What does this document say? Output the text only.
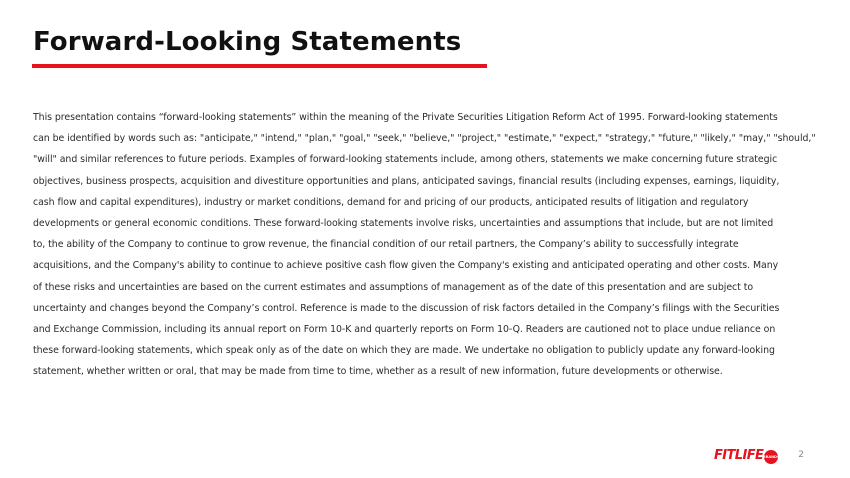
Forward-Looking Statements
This presentation contains “forward-looking statements” within the meaning of the Private Securities Litigation Reform Act of 1995. Forward-looking statements
can be identified by words such as: "anticipate," "intend," "plan," "goal," "seek," "believe," "project," "estimate," "expect," "strategy," "future," "likely," "may," "should,"
"will" and similar references to future periods. Examples of forward-looking statements include, among others, statements we make concerning future strategic
objectives, business prospects, acquisition and divestiture opportunities and plans, anticipated savings, financial results (including expenses, earnings, liquidity,
cash flow and capital expenditures), industry or market conditions, demand for and pricing of our products, anticipated results of litigation and regulatory
developments or general economic conditions. These forward-looking statements involve risks, uncertainties and assumptions that include, but are not limited
to, the ability of the Company to continue to grow revenue, the financial condition of our retail partners, the Company’s ability to successfully integrate
acquisitions, and the Company's ability to continue to achieve positive cash flow given the Company's existing and anticipated operating and other costs. Many
of these risks and uncertainties are based on the current estimates and assumptions of management as of the date of this presentation and are subject to
uncertainty and changes beyond the Company’s control. Reference is made to the discussion of risk factors detailed in the Company’s filings with the Securities
and Exchange Commission, including its annual report on Form 10-K and quarterly reports on Form 10-Q. Readers are cautioned not to place undue reliance on
these forward-looking statements, which speak only as of the date on which they are made. We undertake no obligation to publicly update any forward-looking
statement, whether written or oral, that may be made from time to time, whether as a result of new information, future developments or otherwise.
FIT LIFE BRANDS 2
